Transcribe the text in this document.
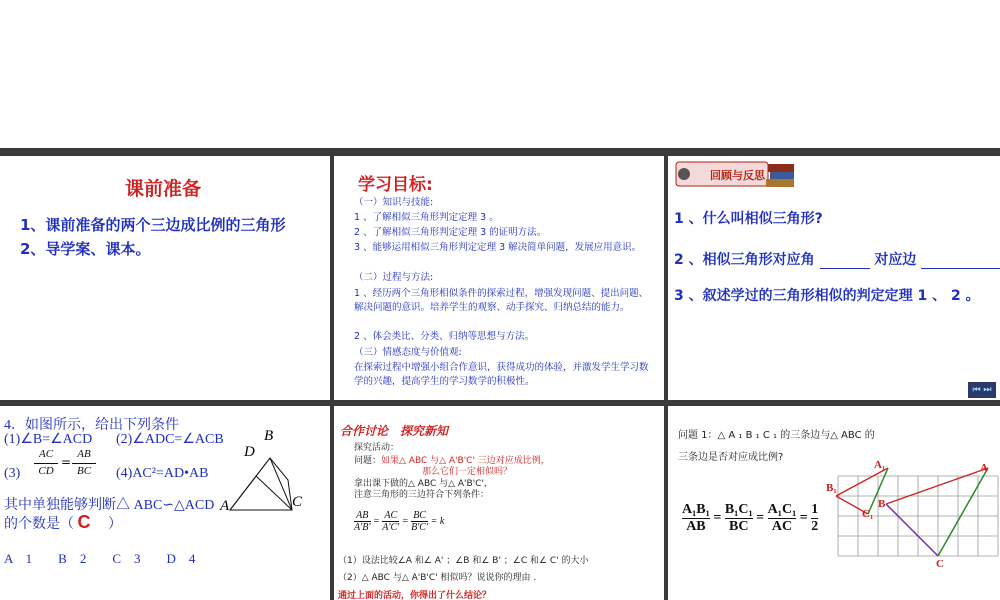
课前准备
1、课前准备的两个三边成比例的三角形
2、导学案、课本。
学习目标:
（一）知识与技能:
1 、了解相似三角形判定定理 3 。
2 、了解相似三角形判定定理 3 的证明方法。
3 、能够运用相似三角形判定定理 3 解决简单问题，发展应用意识。
（二）过程与方法:
1 、经历两个三角形相似条件的探索过程，增强发现问题、提出问题、解决问题的意识。培养学生的观察、动手探究、归纳总结的能力。
2 、体会类比、分类、归纳等思想与方法。
（三）情感态度与价值观:
在探索过程中增强小组合作意识，获得成功的体验，并激发学生学习数学的兴趣，提高学生的学习数学的积极性。
回顾与反思
1 、什么叫相似三角形?
2 、相似三角形对应角	对应边
3 、叙述学过的三角形相似的判定定理 1 、 2 。
⏮ ⏭
4．如图所示，给出下列条件
(1)∠B=∠ACD (2)∠ADC=∠ACB
(3)
AC
CD
=
AB
BC	(4)AC²=AD•AB
其中单独能够判断△ ABC∽△ACD
的个数是（ C ）
A　1　　B　2　　C　3　　D　4
B
D
A	C
合作讨论　探究新知
探究活动：
问题：如果△ ABC 与△ A'B'C' 三边对应成比例，
那么它们一定相似吗？
拿出课下做的△ ABC 与△ A'B'C',
注意三角形的三边符合下列条件：
$\frac{AB}{A'B'} = \frac{AC}{A'C'} = \frac{BC}{B'C'} = k$
（1）设法比较∠A 和∠ A' ；∠B 和∠ B' ；∠C 和∠ C' 的大小
（2）△ ABC 与△ A'B'C' 相似吗？说说你的理由 .
通过上面的活动，你得出了什么结论？
问题 1：△ A ₁ B ₁ C ₁ 的三条边与△ ABC 的
三条边是否对应成比例?
$\frac{\text{A₁B₁}}{AB} = \frac{\text{B₁C₁}}{BC} = \frac{\text{A₁C₁}}{AC} = \frac{1}{2}$
A₁
B₁
C₁
A
B
C
